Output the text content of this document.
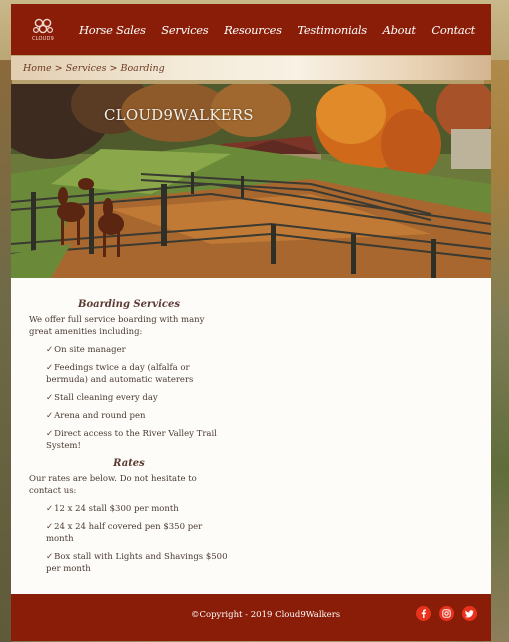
CLOUD9
Horse Sales Services Resources Testimonials About Contact
Home > Services > Boarding
CLOUD9WALKERS
Boarding Services

We offer full service boarding with many great amenities including:

✓On site manager
✓Feedings twice a day (alfalfa or bermuda) and automatic waterers
✓Stall cleaning every day
✓Arena and round pen
✓Direct access to the River Valley Trail System!
Rates

Our rates are below. Do not hesitate to contact us:

✓12 x 24 stall $300 per month
✓24 x 24 half covered pen $350 per month
✓Box stall with Lights and Shavings $500 per month
©Copyright - 2019 Cloud9Walkers
